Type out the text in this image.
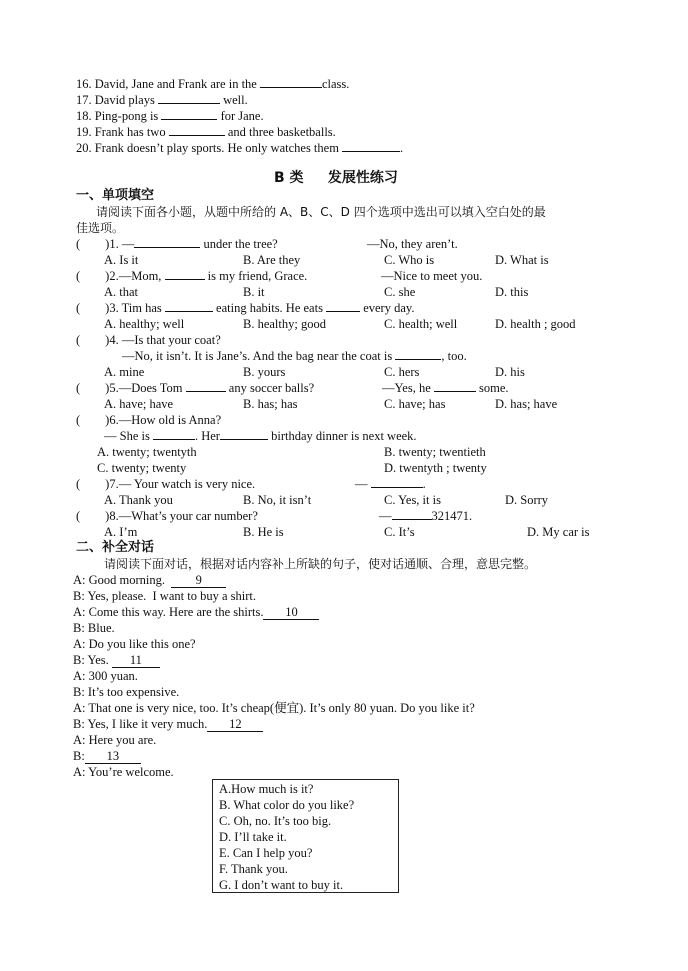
16. David, Jane and Frank are in the	class.
17. David plays	well.
18. Ping-pong is	for Jane.
19. Frank has two	and three basketballs.
20. Frank doesn’t play sports. He only watches them	.
B 类     发展性练习
一、单项填空
请阅读下面各小题，从题中所给的 A、B、C、D 四个选项中选出可以填入空白处的最
佳选项。
(        )1. —	under the tree?	—No, they aren’t.
A. Is it	B. Are they	C. Who is	D. What is
(        )2.—Mom,	is my friend, Grace.	—Nice to meet you.
A. that	B. it	C. she	D. this
(        )3. Tim has	eating habits. He eats	every day.
A. healthy; well	B. healthy; good	C. health; well	D. health ; good
(        )4. —Is that your coat?
—No, it isn’t. It is Jane’s. And the bag near the coat is	, too.
A. mine	B. yours	C. hers	D. his
(        )5.—Does Tom	any soccer balls?	—Yes, he	some.
A. have; have	B. has; has	C. have; has	D. has; have
(        )6.—How old is Anna?
— She is	. Her	birthday dinner is next week.
A. twenty; twentyth	B. twenty; twentieth
C. twenty; twenty	D. twentyth ; twenty
(        )7.— Your watch is very nice.	—	.
A. Thank you	B. No, it isn’t	C. Yes, it is	D. Sorry
(        )8.—What’s your car number?	—	321471.
A. I’m	B. He is	C. It’s	D. My car is
二、补全对话
请阅读下面对话，根据对话内容补上所缺的句子，使对话通顺、合理，意思完整。
A: Good morning.  9
B: Yes, please.  I want to buy a shirt.
A: Come this way. Here are the shirts. 10
B: Blue.
A: Do you like this one?
B: Yes. 11
A: 300 yuan.
B: It’s too expensive.
A: That one is very nice, too. It’s cheap(便宜). It’s only 80 yuan. Do you like it?
B: Yes, I like it very much. 12
A: Here you are.
B: 13
A: You’re welcome.
A.How much is it?
B. What color do you like?
C. Oh, no. It’s too big.
D. I’ll take it.
E. Can I help you?
F. Thank you.
G. I don’t want to buy it.
